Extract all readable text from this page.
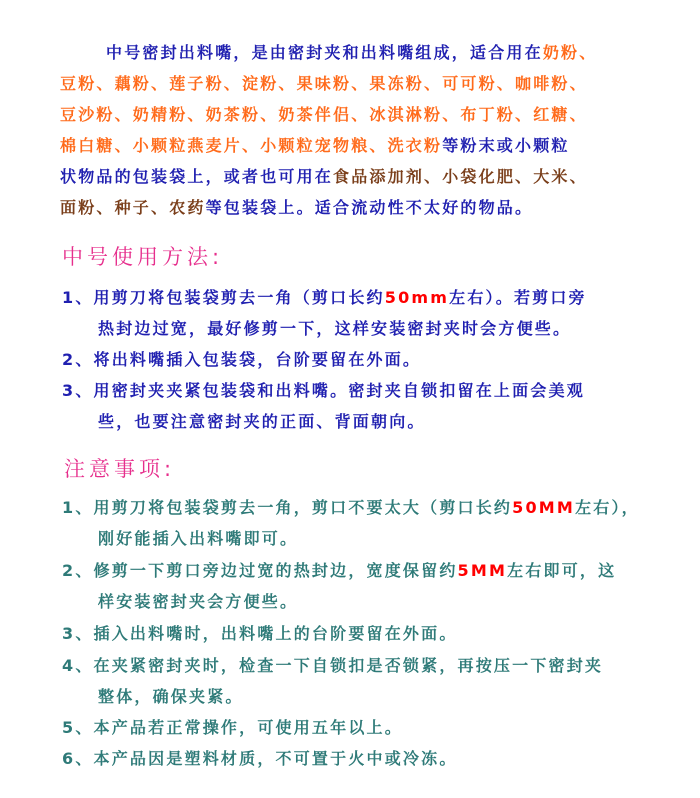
中号密封出料嘴，是由密封夹和出料嘴组成，适合用在奶粉、
豆粉、藕粉、莲子粉、淀粉、果味粉、果冻粉、可可粉、咖啡粉、
豆沙粉、奶精粉、奶茶粉、奶茶伴侣、冰淇淋粉、布丁粉、红糖、
棉白糖、小颗粒燕麦片、小颗粒宠物粮、洗衣粉等粉末或小颗粒
状物品的包装袋上，或者也可用在食品添加剂、小袋化肥、大米、
面粉、种子、农药等包装袋上。适合流动性不太好的物品。
中号使用方法:
1、用剪刀将包装袋剪去一角（剪口长约50mm左右）。若剪口旁
热封边过宽，最好修剪一下，这样安装密封夹时会方便些。
2、将出料嘴插入包装袋，台阶要留在外面。
3、用密封夹夹紧包装袋和出料嘴。密封夹自锁扣留在上面会美观
些，也要注意密封夹的正面、背面朝向。
注意事项:
1、用剪刀将包装袋剪去一角，剪口不要太大（剪口长约50MM左右），
刚好能插入出料嘴即可。
2、修剪一下剪口旁边过宽的热封边，宽度保留约5MM左右即可，这
样安装密封夹会方便些。
3、插入出料嘴时，出料嘴上的台阶要留在外面。
4、在夹紧密封夹时，检查一下自锁扣是否锁紧，再按压一下密封夹
整体，确保夹紧。
5、本产品若正常操作，可使用五年以上。
6、本产品因是塑料材质，不可置于火中或冷冻。
